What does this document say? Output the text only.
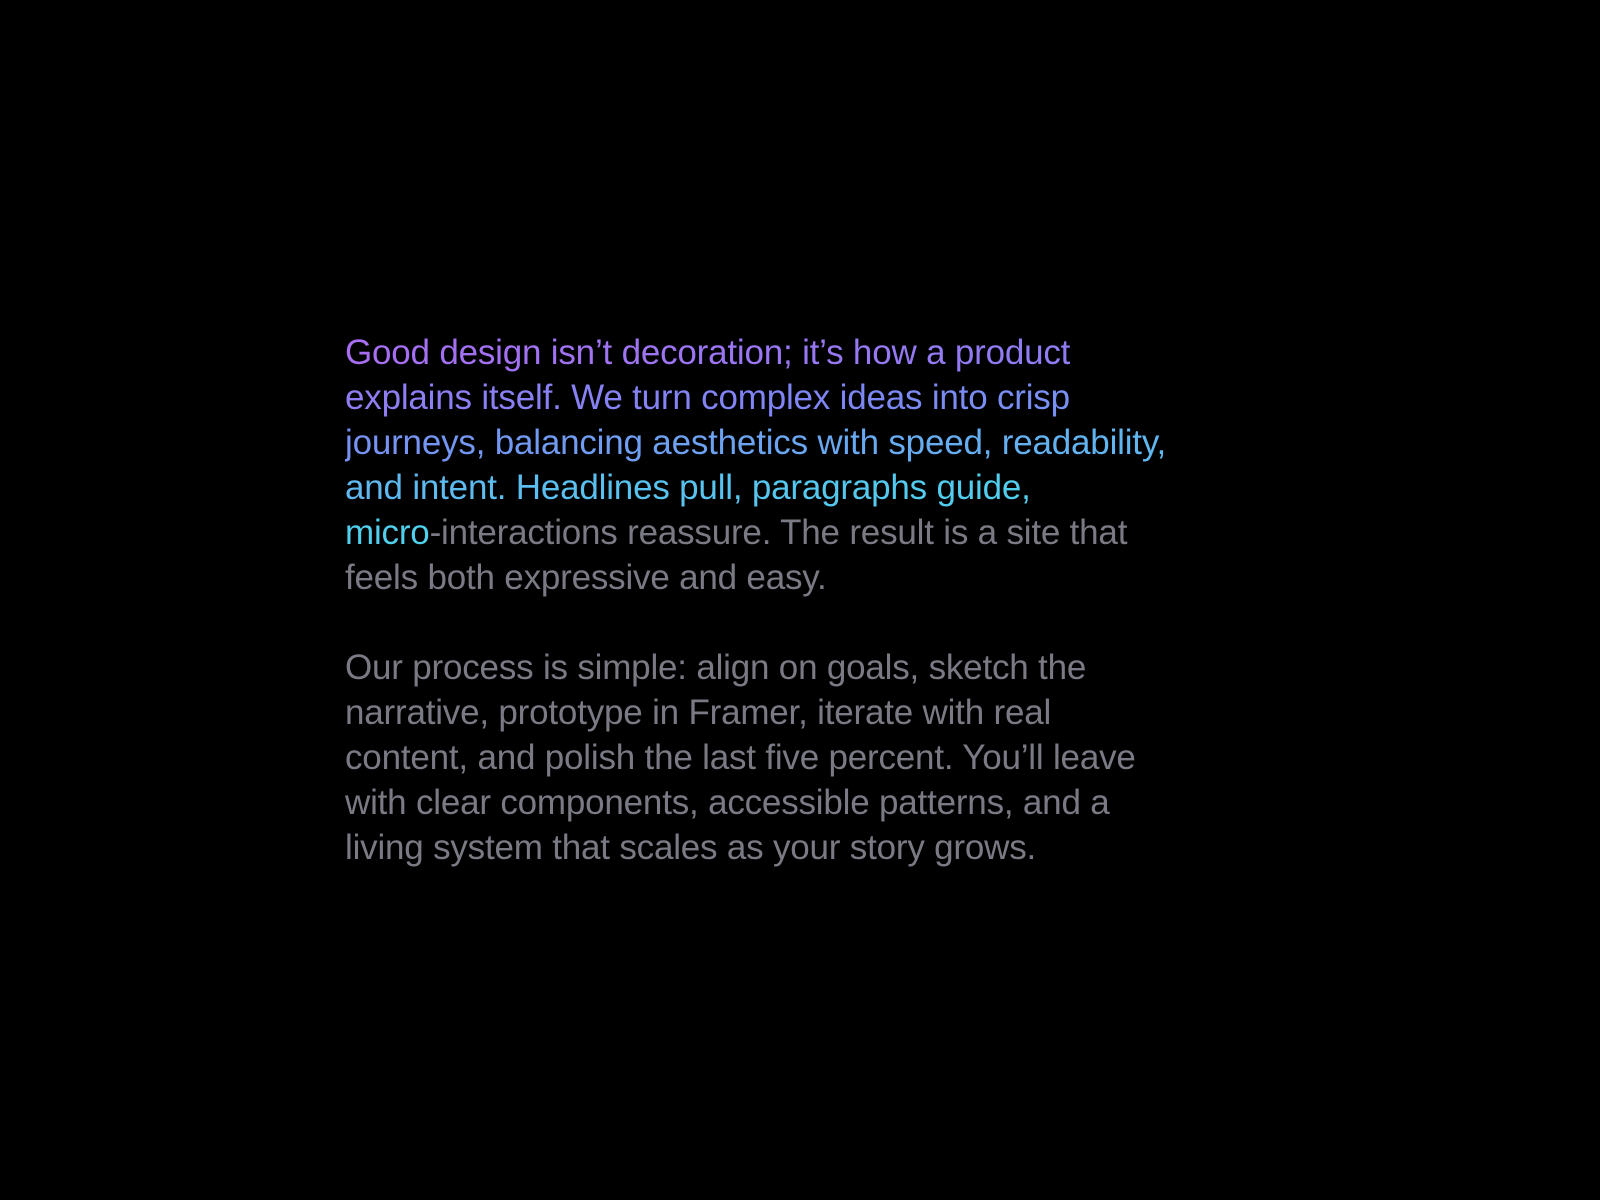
Good design isn’t decoration; it’s how a product
explains itself. We turn complex ideas into crisp
journeys, balancing aesthetics with speed, readability,
and intent. Headlines pull, paragraphs guide,
micro-interactions reassure. The result is a site that
feels both expressive and easy.

Our process is simple: align on goals, sketch the
narrative, prototype in Framer, iterate with real
content, and polish the last five percent. You’ll leave
with clear components, accessible patterns, and a
living system that scales as your story grows.
